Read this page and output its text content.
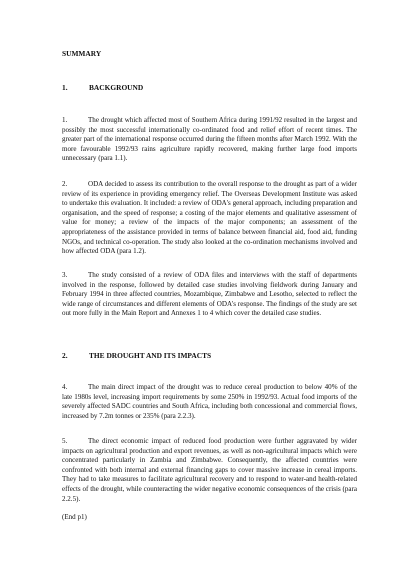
SUMMARY
1.	BACKGROUND
1.	The drought which affected most of Southern Africa during 1991/92 resulted in the largest and possibly the most successful internationally co-ordinated food and relief effort of recent times. The greater part of the international response occurred during the fifteen months after March 1992. With the more favourable 1992/93 rains agriculture rapidly recovered, making further large food imports unnecessary (para 1.1).
2.	ODA decided to assess its contribution to the overall response to the drought as part of a wider review of its experience in providing emergency relief. The Overseas Development Institute was asked to undertake this evaluation. It included: a review of ODA's general approach, including preparation and organisation, and the speed of response; a costing of the major elements and qualitative assessment of value for money; a review of the impacts of the major components; an assessment of the appropriateness of the assistance provided in terms of balance between financial aid, food aid, funding NGOs, and technical co-operation. The study also looked at the co-ordination mechanisms involved and how affected ODA (para 1.2).
3.	The study consisted of a review of ODA files and interviews with the staff of departments involved in the response, followed by detailed case studies involving fieldwork during January and February 1994 in three affected countries, Mozambique, Zimbabwe and Lesotho, selected to reflect the wide range of circumstances and different elements of ODA's response. The findings of the study are set out more fully in the Main Report and Annexes 1 to 4 which cover the detailed case studies.
2.	THE DROUGHT AND ITS IMPACTS
4.	The main direct impact of the drought was to reduce cereal production to below 40% of the late 1980s level, increasing import requirements by some 250% in 1992/93. Actual food imports of the severely affected SADC countries and South Africa, including both concessional and commercial flows, increased by 7.2m tonnes or 235% (para 2.2.3).
5.	The direct economic impact of reduced food production were further aggravated by wider impacts on agricultural production and export revenues, as well as non-agricultural impacts which were concentrated particularly in Zambia and Zimbabwe. Consequently, the affected countries were confronted with both internal and external financing gaps to cover massive increase in cereal imports. They had to take measures to facilitate agricultural recovery and to respond to water-and health-related effects of the drought, while counteracting the wider negative economic consequences of the crisis (para 2.2.5).
(End p1)
